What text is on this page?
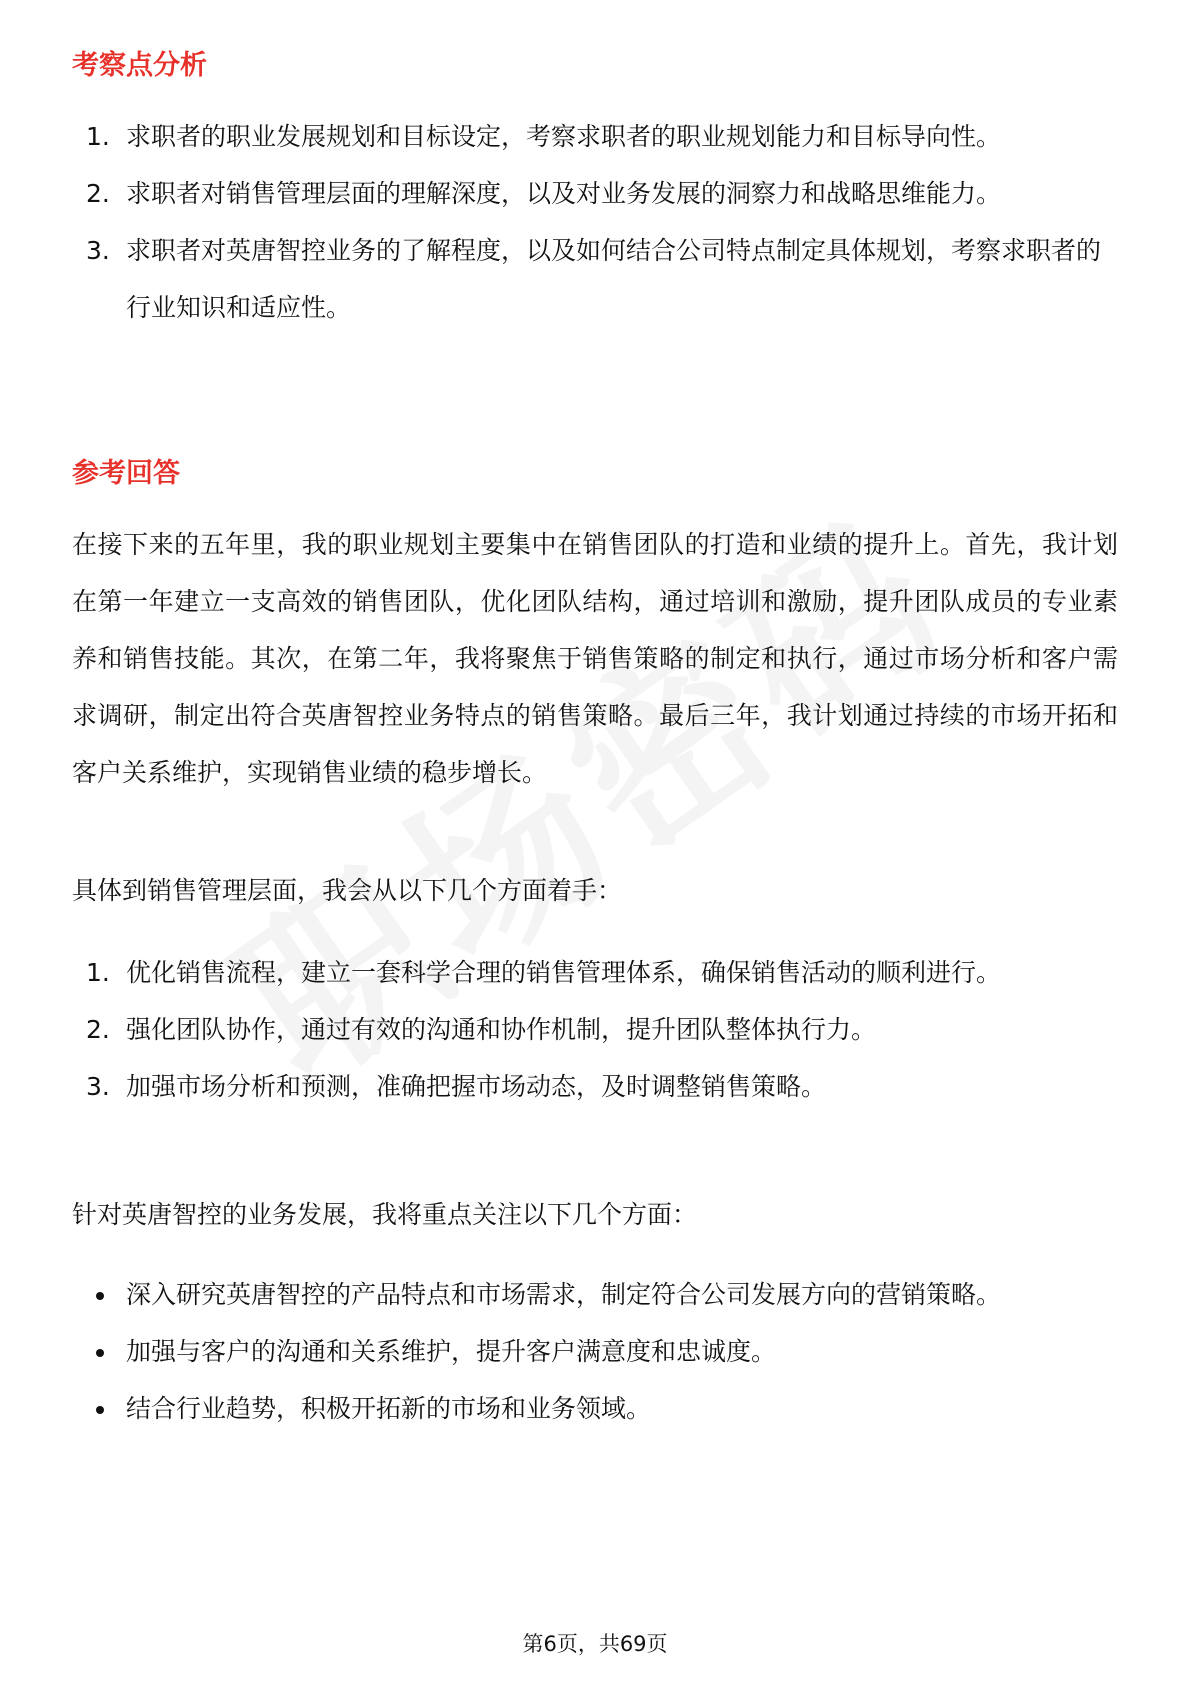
考察点分析
1. 求职者的职业发展规划和目标设定，考察求职者的职业规划能力和目标导向性。
2. 求职者对销售管理层面的理解深度，以及对业务发展的洞察力和战略思维能力。
3. 求职者对英唐智控业务的了解程度，以及如何结合公司特点制定具体规划，考察求职者的行业知识和适应性。
参考回答

在接下来的五年里，我的职业规划主要集中在销售团队的打造和业绩的提升上。首先，我计划在第一年建立一支高效的销售团队，优化团队结构，通过培训和激励，提升团队成员的专业素养和销售技能。其次，在第二年，我将聚焦于销售策略的制定和执行，通过市场分析和客户需求调研，制定出符合英唐智控业务特点的销售策略。最后三年，我计划通过持续的市场开拓和客户关系维护，实现销售业绩的稳步增长。

具体到销售管理层面，我会从以下几个方面着手：

1. 优化销售流程，建立一套科学合理的销售管理体系，确保销售活动的顺利进行。
2. 强化团队协作，通过有效的沟通和协作机制，提升团队整体执行力。
3. 加强市场分析和预测，准确把握市场动态，及时调整销售策略。

针对英唐智控的业务发展，我将重点关注以下几个方面：

深入研究英唐智控的产品特点和市场需求，制定符合公司发展方向的营销策略。
加强与客户的沟通和关系维护，提升客户满意度和忠诚度。
结合行业趋势，积极开拓新的市场和业务领域。
第6页，共69页
